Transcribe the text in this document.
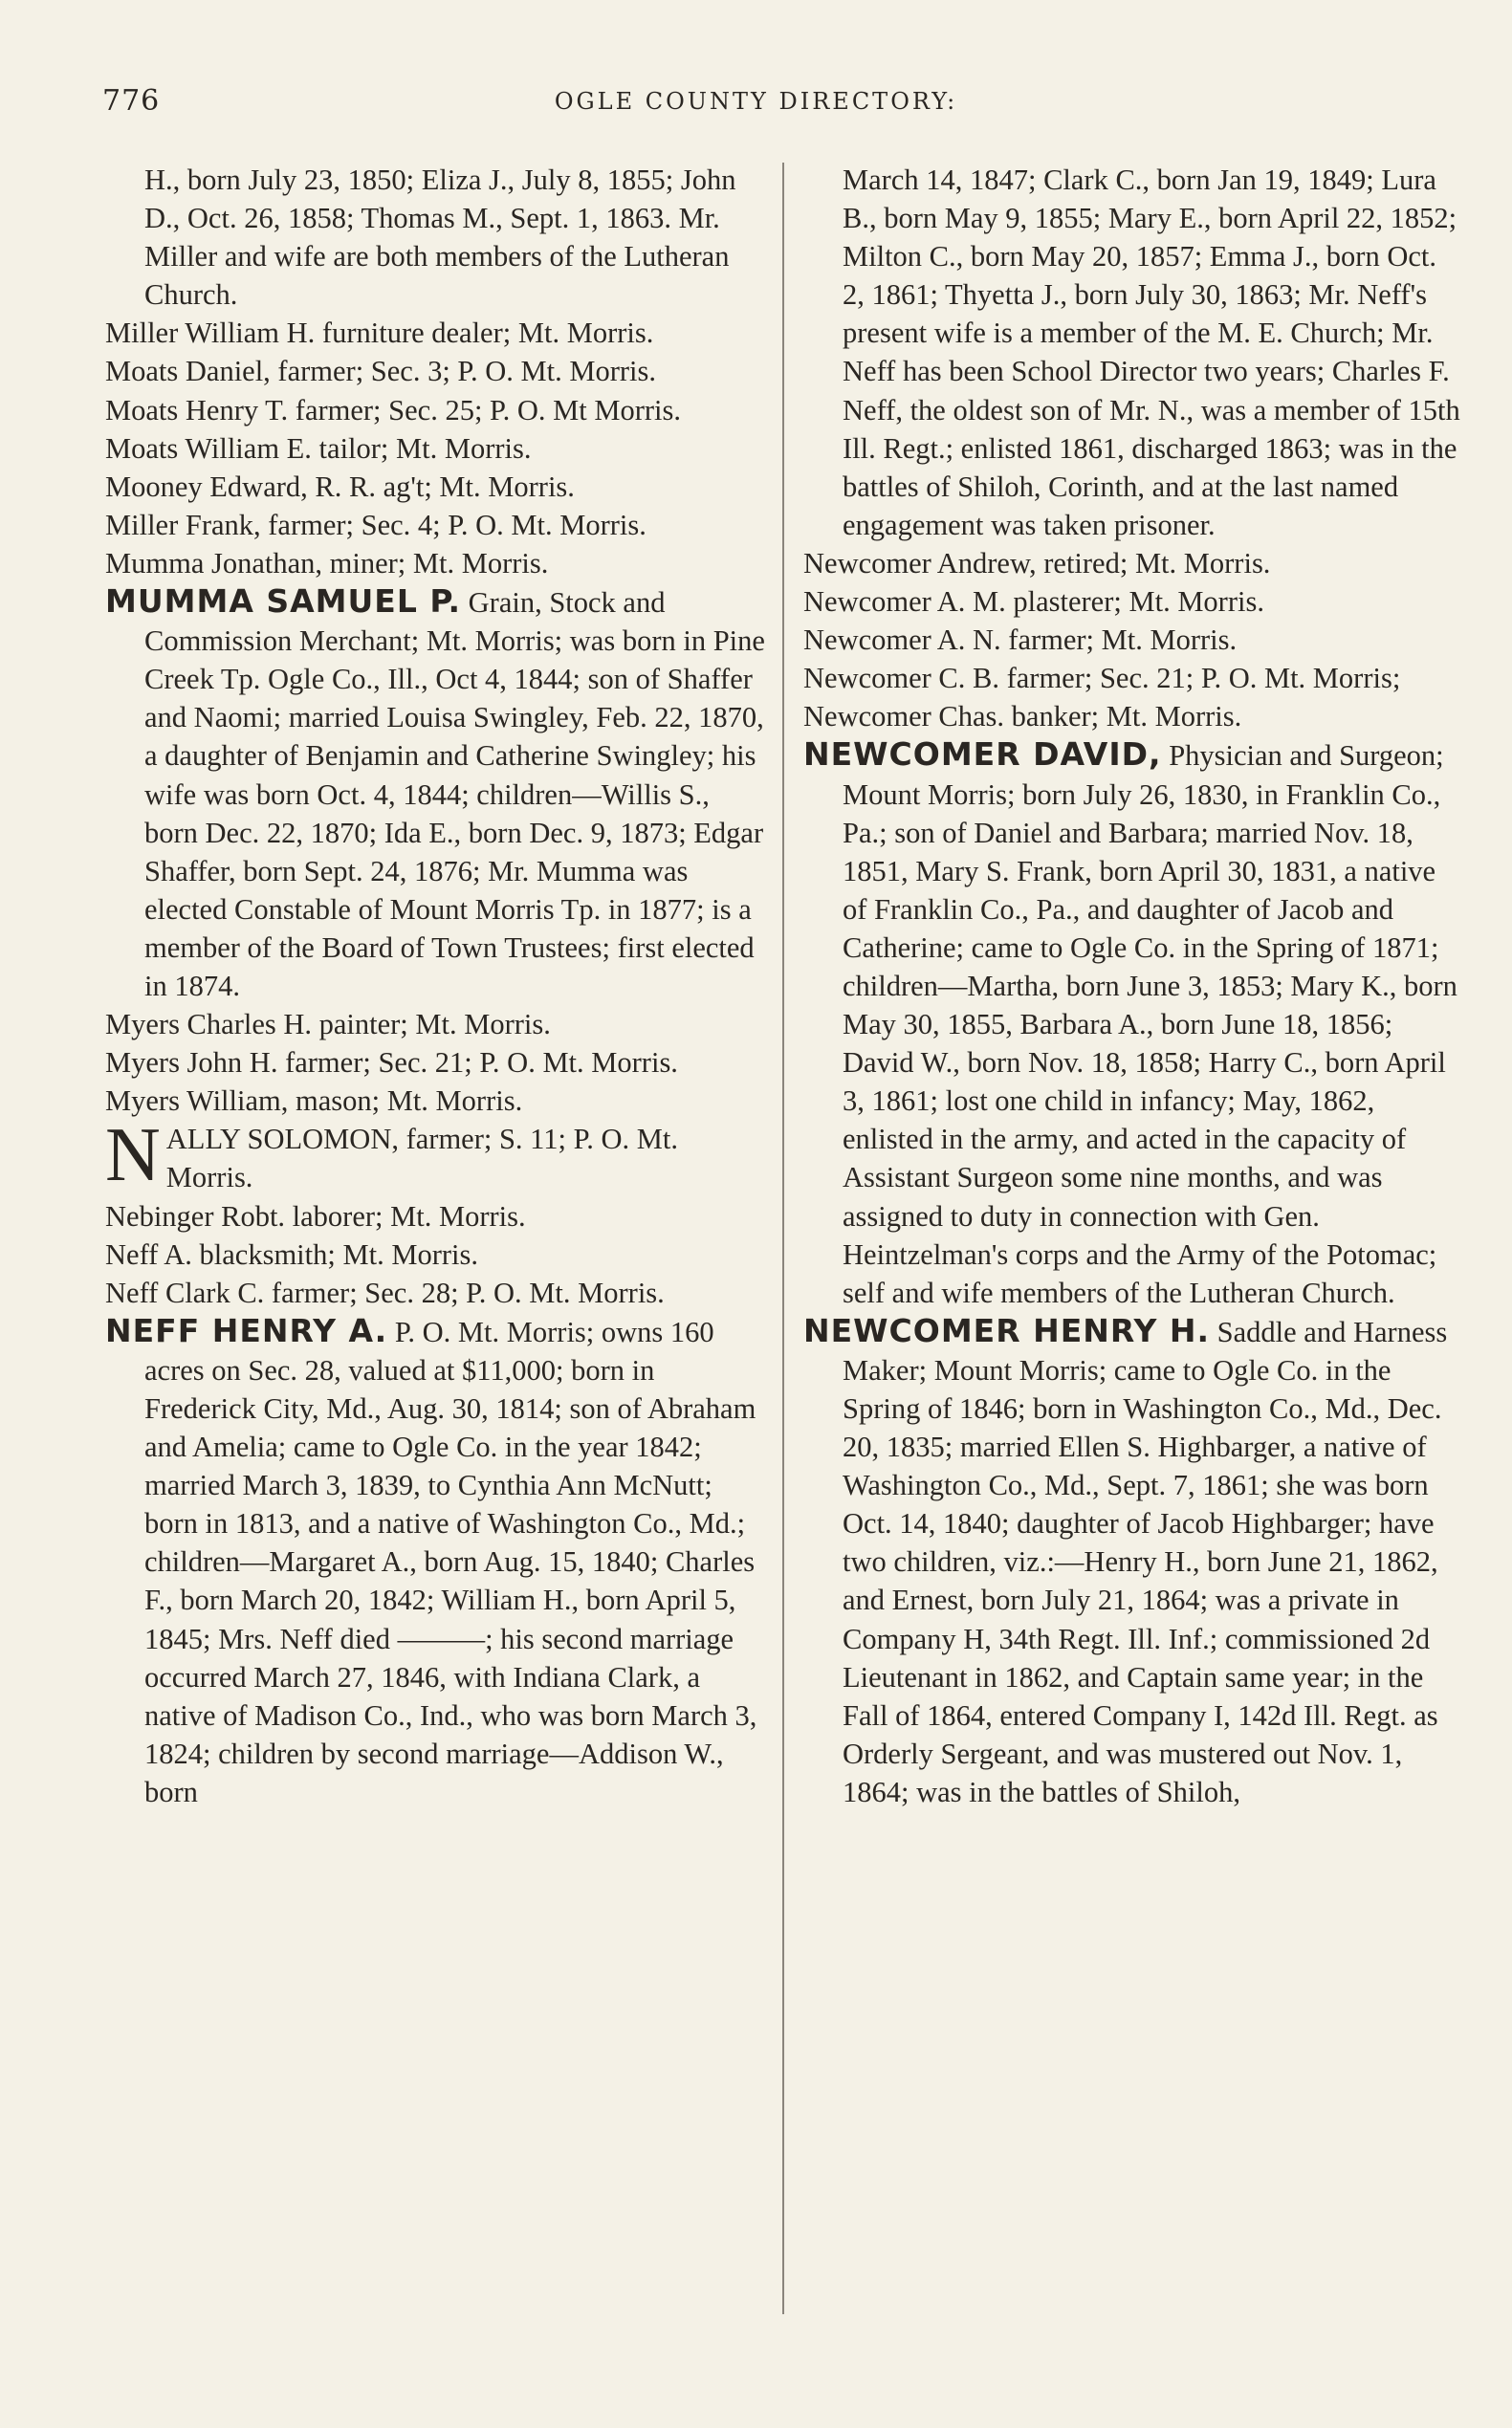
776	OGLE COUNTY DIRECTORY:
H., born July 23, 1850; Eliza J., July 8, 1855; John D., Oct. 26, 1858; Thomas M., Sept. 1, 1863. Mr. Miller and wife are both members of the Lutheran Church.
Miller William H. furniture dealer; Mt. Morris.
Moats Daniel, farmer; Sec. 3; P. O. Mt. Morris.
Moats Henry T. farmer; Sec. 25; P. O. Mt Morris.
Moats William E. tailor; Mt. Morris.
Mooney Edward, R. R. ag't; Mt. Morris.
Miller Frank, farmer; Sec. 4; P. O. Mt. Morris.
Mumma Jonathan, miner; Mt. Morris.
MUMMA SAMUEL P. Grain, Stock and Commission Merchant; Mt. Morris; was born in Pine Creek Tp. Ogle Co., Ill., Oct 4, 1844; son of Shaffer and Naomi; married Louisa Swingley, Feb. 22, 1870, a daughter of Benjamin and Catherine Swingley; his wife was born Oct. 4, 1844; children—Willis S., born Dec. 22, 1870; Ida E., born Dec. 9, 1873; Edgar Shaffer, born Sept. 24, 1876; Mr. Mumma was elected Constable of Mount Morris Tp. in 1877; is a member of the Board of Town Trustees; first elected in 1874.
Myers Charles H. painter; Mt. Morris.
Myers John H. farmer; Sec. 21; P. O. Mt. Morris.
Myers William, mason; Mt. Morris.
N ALLY SOLOMON, farmer; S. 11; P. O. Mt. Morris.
Nebinger Robt. laborer; Mt. Morris.
Neff A. blacksmith; Mt. Morris.
Neff Clark C. farmer; Sec. 28; P. O. Mt. Morris.
NEFF HENRY A. P. O. Mt. Morris; owns 160 acres on Sec. 28, valued at $11,000; born in Frederick City, Md., Aug. 30, 1814; son of Abraham and Amelia; came to Ogle Co. in the year 1842; married March 3, 1839, to Cynthia Ann McNutt; born in 1813, and a native of Washington Co., Md.; children—Margaret A., born Aug. 15, 1840; Charles F., born March 20, 1842; William H., born April 5, 1845; Mrs. Neff died ———; his second marriage occurred March 27, 1846, with Indiana Clark, a native of Madison Co., Ind., who was born March 3, 1824; children by second marriage—Addison W., born
March 14, 1847; Clark C., born Jan 19, 1849; Lura B., born May 9, 1855; Mary E., born April 22, 1852; Milton C., born May 20, 1857; Emma J., born Oct. 2, 1861; Thyetta J., born July 30, 1863; Mr. Neff's present wife is a member of the M. E. Church; Mr. Neff has been School Director two years; Charles F. Neff, the oldest son of Mr. N., was a member of 15th Ill. Regt.; enlisted 1861, discharged 1863; was in the battles of Shiloh, Corinth, and at the last named engagement was taken prisoner.
Newcomer Andrew, retired; Mt. Morris.
Newcomer A. M. plasterer; Mt. Morris.
Newcomer A. N. farmer; Mt. Morris.
Newcomer C. B. farmer; Sec. 21; P. O. Mt. Morris;
Newcomer Chas. banker; Mt. Morris.
NEWCOMER DAVID, Physician and Surgeon; Mount Morris; born July 26, 1830, in Franklin Co., Pa.; son of Daniel and Barbara; married Nov. 18, 1851, Mary S. Frank, born April 30, 1831, a native of Franklin Co., Pa., and daughter of Jacob and Catherine; came to Ogle Co. in the Spring of 1871; children—Martha, born June 3, 1853; Mary K., born May 30, 1855, Barbara A., born June 18, 1856; David W., born Nov. 18, 1858; Harry C., born April 3, 1861; lost one child in infancy; May, 1862, enlisted in the army, and acted in the capacity of Assistant Surgeon some nine months, and was assigned to duty in connection with Gen. Heintzelman's corps and the Army of the Potomac; self and wife members of the Lutheran Church.
NEWCOMER HENRY H. Saddle and Harness Maker; Mount Morris; came to Ogle Co. in the Spring of 1846; born in Washington Co., Md., Dec. 20, 1835; married Ellen S. Highbarger, a native of Washington Co., Md., Sept. 7, 1861; she was born Oct. 14, 1840; daughter of Jacob Highbarger; have two children, viz.:—Henry H., born June 21, 1862, and Ernest, born July 21, 1864; was a private in Company H, 34th Regt. Ill. Inf.; commissioned 2d Lieutenant in 1862, and Captain same year; in the Fall of 1864, entered Company I, 142d Ill. Regt. as Orderly Sergeant, and was mustered out Nov. 1, 1864; was in the battles of Shiloh,
